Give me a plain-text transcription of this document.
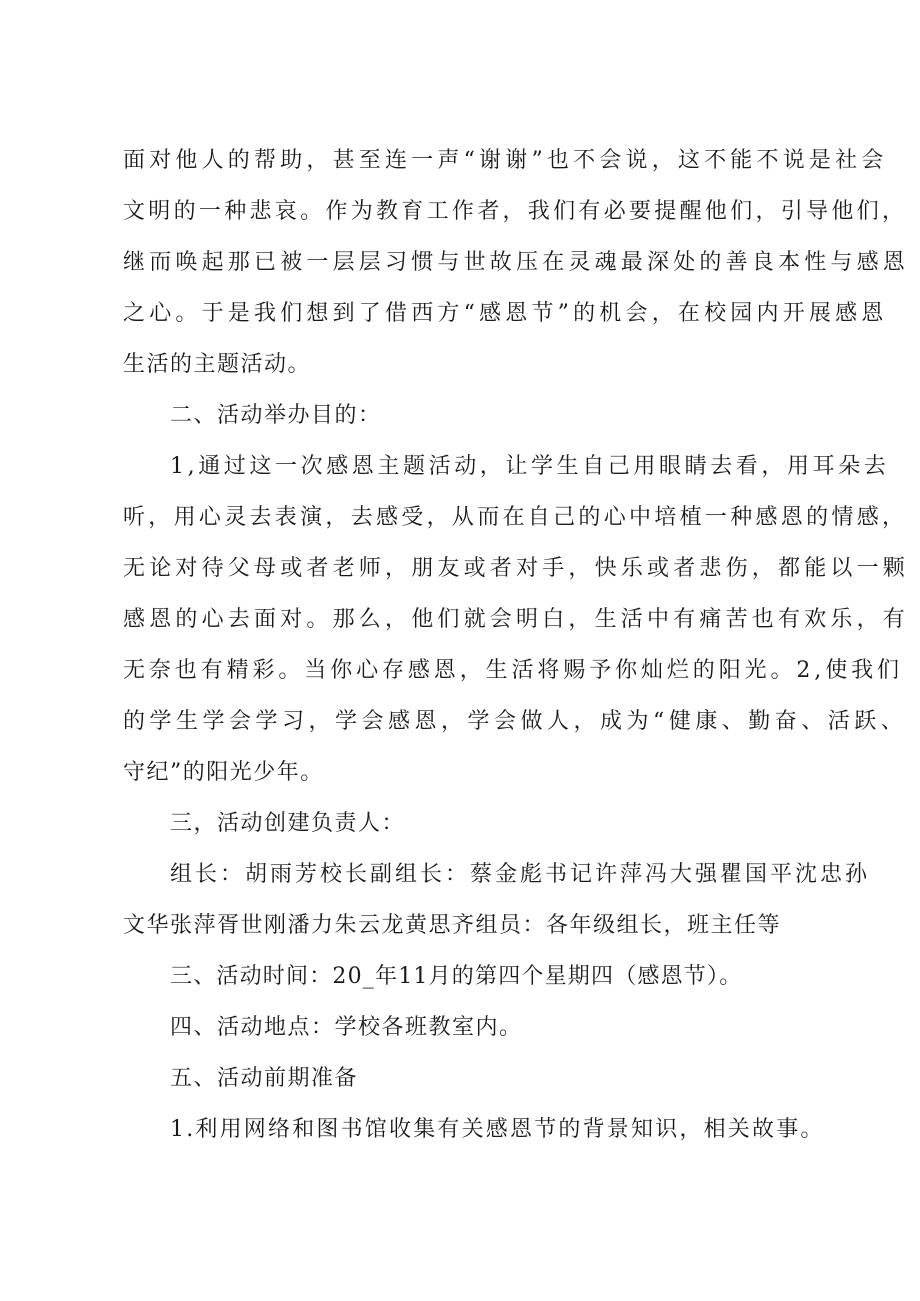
面对他人的帮助，甚至连一声“谢谢”也不会说，这不能不说是社会
文明的一种悲哀。作为教育工作者，我们有必要提醒他们，引导他们，
继而唤起那已被一层层习惯与世故压在灵魂最深处的善良本性与感恩
之心。于是我们想到了借西方“感恩节”的机会，在校园内开展感恩
生活的主题活动。
二、活动举办目的：
1,通过这一次感恩主题活动，让学生自己用眼睛去看，用耳朵去
听，用心灵去表演，去感受，从而在自己的心中培植一种感恩的情感，
无论对待父母或者老师，朋友或者对手，快乐或者悲伤，都能以一颗
感恩的心去面对。那么，他们就会明白，生活中有痛苦也有欢乐，有
无奈也有精彩。当你心存感恩，生活将赐予你灿烂的阳光。2,使我们
的学生学会学习，学会感恩，学会做人，成为“健康、勤奋、活跃、
守纪”的阳光少年。
三，活动创建负责人：
组长：胡雨芳校长副组长：蔡金彪书记许萍冯大强瞿国平沈忠孙
文华张萍胥世刚潘力朱云龙黄思齐组员：各年级组长，班主任等
三、活动时间：20_年11月的第四个星期四（感恩节）。
四、活动地点：学校各班教室内。
五、活动前期准备
1.利用网络和图书馆收集有关感恩节的背景知识，相关故事。
